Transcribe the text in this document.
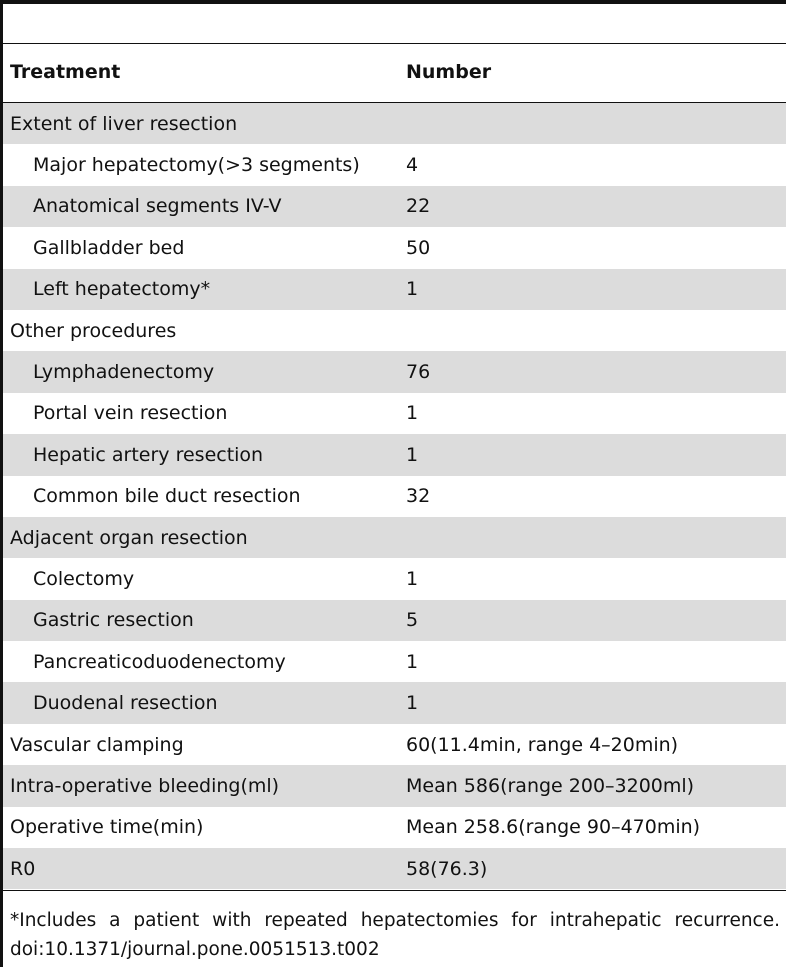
Treatment	Number
Extent of liver resection
Major hepatectomy(>3 segments) 4
Anatomical segments IV-V	22
Gallbladder bed	50
Left hepatectomy*	1
Other procedures
Lymphadenectomy	76
Portal vein resection	1
Hepatic artery resection	1
Common bile duct resection	32
Adjacent organ resection
Colectomy	1
Gastric resection	5
Pancreaticoduodenectomy	1
Duodenal resection	1
Vascular clamping	60(11.4min, range 4–20min)
Intra-operative bleeding(ml)	Mean 586(range 200–3200ml)
Operative time(min)	Mean 258.6(range 90–470min)
R0	58(76.3)
*Includes a patient with repeated hepatectomies for intrahepatic recurrence.
doi:10.1371/journal.pone.0051513.t002
